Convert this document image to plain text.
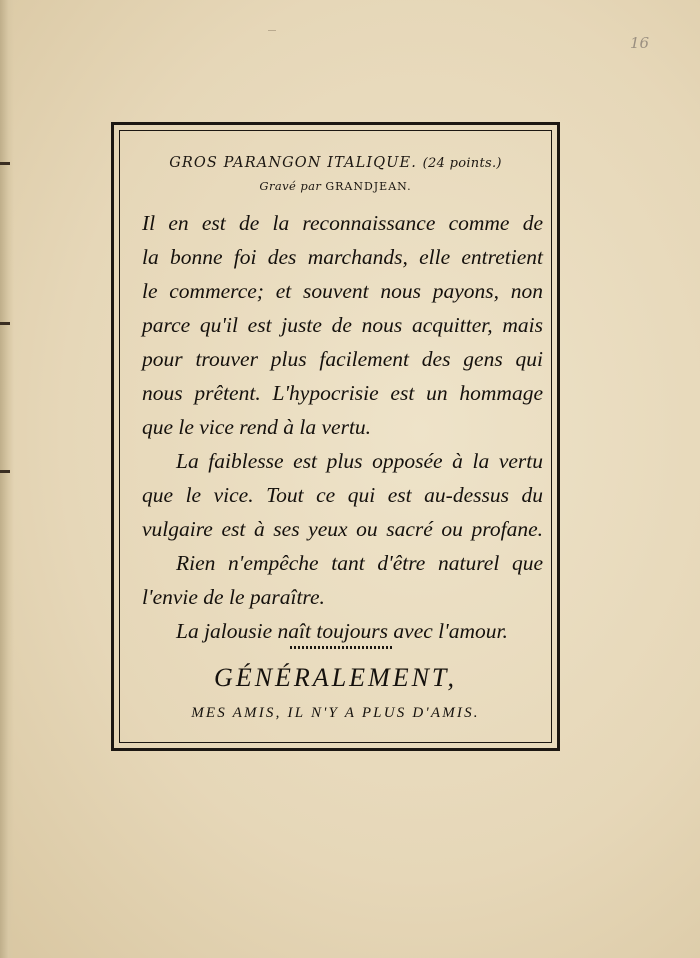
16
GROS PARANGON ITALIQUE. (24 points.)
Gravé par GRANDJEAN.
Il en est de la reconnaissance comme de
la bonne foi des marchands, elle entretient
le commerce; et souvent nous payons, non
parce qu'il est juste de nous acquitter, mais
pour trouver plus facilement des gens qui
nous prêtent. L'hypocrisie est un hommage
que le vice rend à la vertu.
La faiblesse est plus opposée à la vertu
que le vice. Tout ce qui est au-dessus du
vulgaire est à ses yeux ou sacré ou profane.
Rien n'empêche tant d'être naturel que
l'envie de le paraître.
La jalousie naît toujours avec l'amour.
GÉNÉRALEMENT,
MES AMIS, IL N'Y A PLUS D'AMIS.
